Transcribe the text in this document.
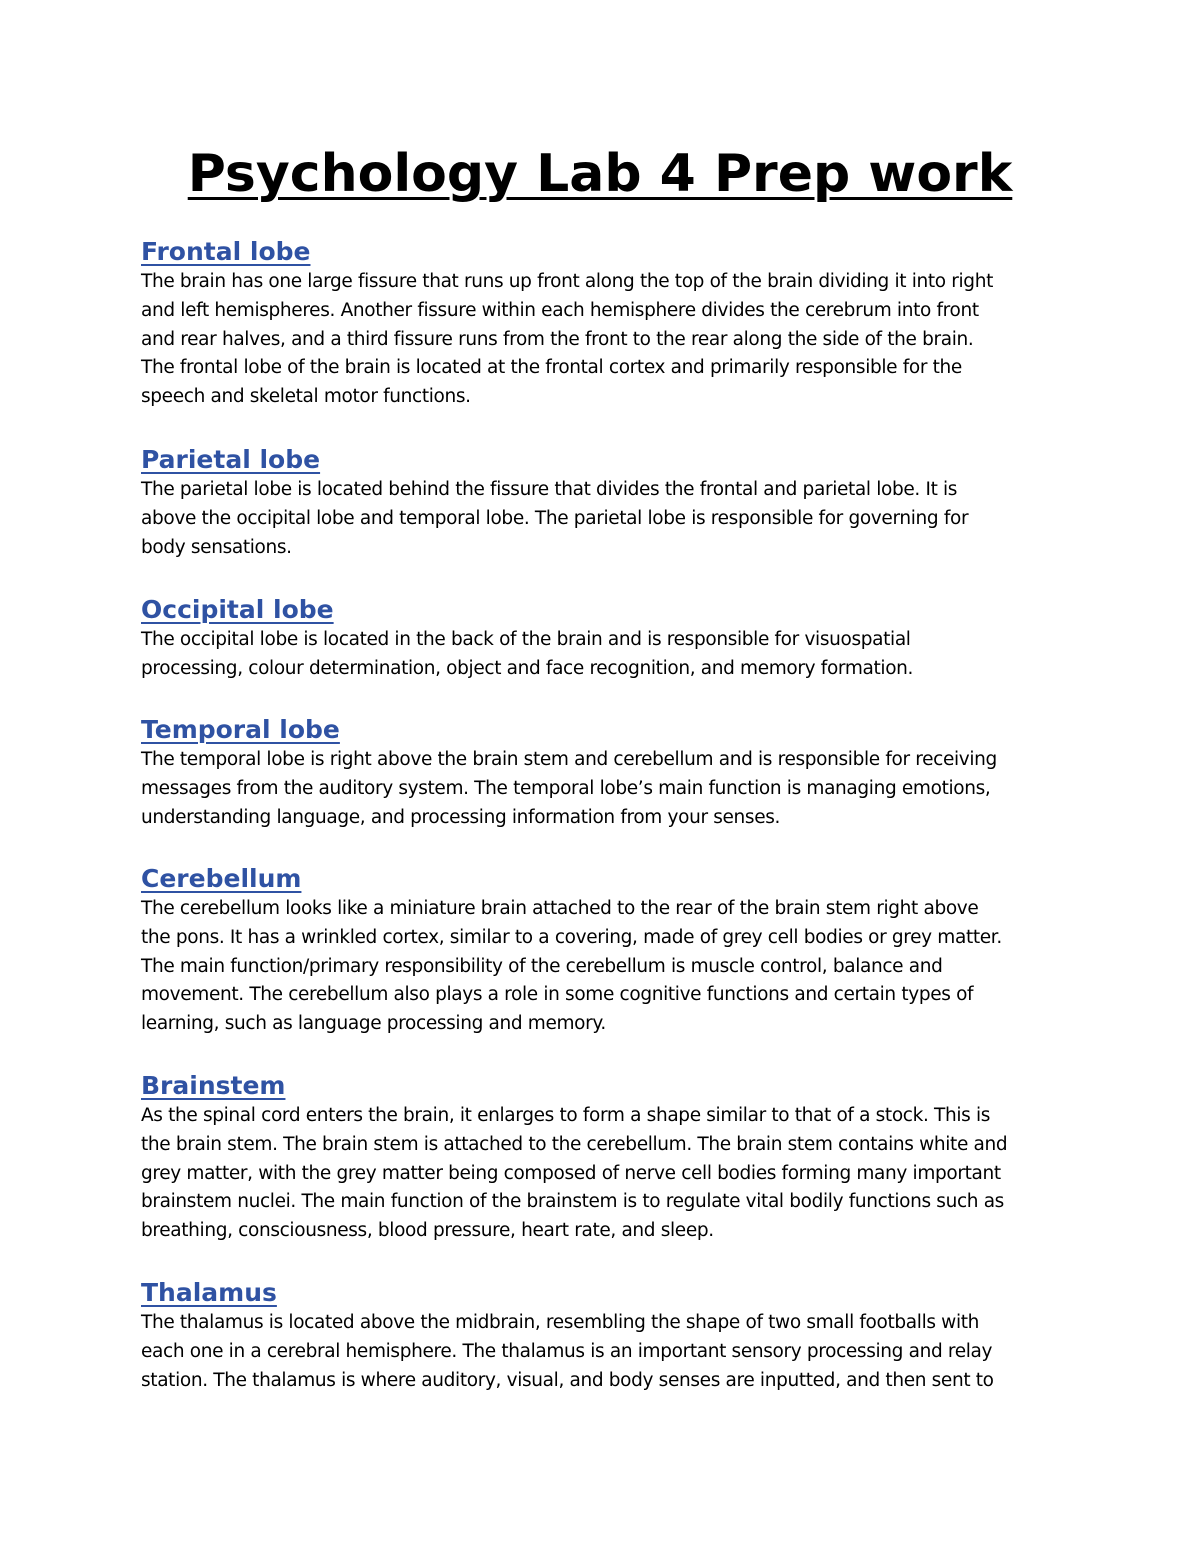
Psychology Lab 4 Prep work
Frontal lobe

The brain has one large fissure that runs up front along the top of the brain dividing it into right
and left hemispheres. Another fissure within each hemisphere divides the cerebrum into front
and rear halves, and a third fissure runs from the front to the rear along the side of the brain.
The frontal lobe of the brain is located at the frontal cortex and primarily responsible for the
speech and skeletal motor functions.

Parietal lobe

The parietal lobe is located behind the fissure that divides the frontal and parietal lobe. It is
above the occipital lobe and temporal lobe. The parietal lobe is responsible for governing for
body sensations.

Occipital lobe

The occipital lobe is located in the back of the brain and is responsible for visuospatial
processing, colour determination, object and face recognition, and memory formation.

Temporal lobe

The temporal lobe is right above the brain stem and cerebellum and is responsible for receiving
messages from the auditory system. The temporal lobe’s main function is managing emotions,
understanding language, and processing information from your senses.

Cerebellum

The cerebellum looks like a miniature brain attached to the rear of the brain stem right above
the pons. It has a wrinkled cortex, similar to a covering, made of grey cell bodies or grey matter.
The main function/primary responsibility of the cerebellum is muscle control, balance and
movement. The cerebellum also plays a role in some cognitive functions and certain types of
learning, such as language processing and memory.

Brainstem

As the spinal cord enters the brain, it enlarges to form a shape similar to that of a stock. This is
the brain stem. The brain stem is attached to the cerebellum. The brain stem contains white and
grey matter, with the grey matter being composed of nerve cell bodies forming many important
brainstem nuclei. The main function of the brainstem is to regulate vital bodily functions such as
breathing, consciousness, blood pressure, heart rate, and sleep.

Thalamus

The thalamus is located above the midbrain, resembling the shape of two small footballs with
each one in a cerebral hemisphere. The thalamus is an important sensory processing and relay
station. The thalamus is where auditory, visual, and body senses are inputted, and then sent to
